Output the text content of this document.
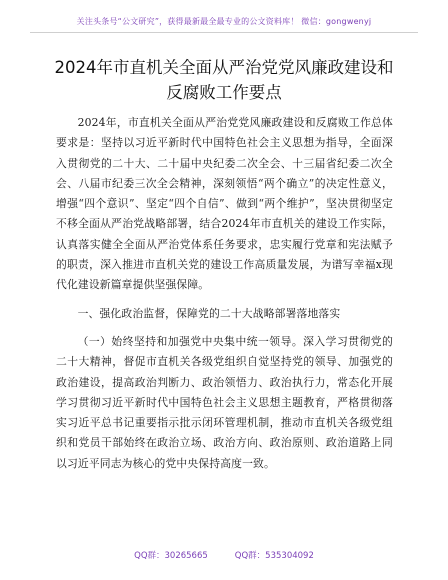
关注头条号“公文研究”，获得最新最全最专业的公文资料库！ 微信：gongwenyj
2024年市直机关全面从严治党党风廉政建设和
反腐败工作要点

2024年，市直机关全面从严治党党风廉政建设和反腐败工作总体要求是：坚持以习近平新时代中国特色社会主义思想为指导，全面深入贯彻党的二十大、二十届中央纪委二次全会、十三届省纪委二次全会、八届市纪委三次全会精神，深刻领悟“两个确立”的决定性意义，增强“四个意识”、坚定“四个自信”、做到“两个维护”，坚决贯彻坚定不移全面从严治党战略部署，结合2024年市直机关的建设工作实际，认真落实健全全面从严治党体系任务要求，忠实履行党章和宪法赋予的职责，深入推进市直机关党的建设工作高质量发展，为谱写幸福ⅹ现代化建设新篇章提供坚强保障。

一、强化政治监督，保障党的二十大战略部署落地落实

（一）始终坚持和加强党中央集中统一领导。深入学习贯彻党的二十大精神，督促市直机关各级党组织自觉坚持党的领导、加强党的政治建设，提高政治判断力、政治领悟力、政治执行力，常态化开展学习贯彻习近平新时代中国特色社会主义思想主题教育，严格贯彻落实习近平总书记重要指示批示闭环管理机制，推动市直机关各级党组织和党员干部始终在政治立场、政治方向、政治原则、政治道路上同以习近平同志为核心的党中央保持高度一致。

QQ群：30265665          QQ群：535304092
